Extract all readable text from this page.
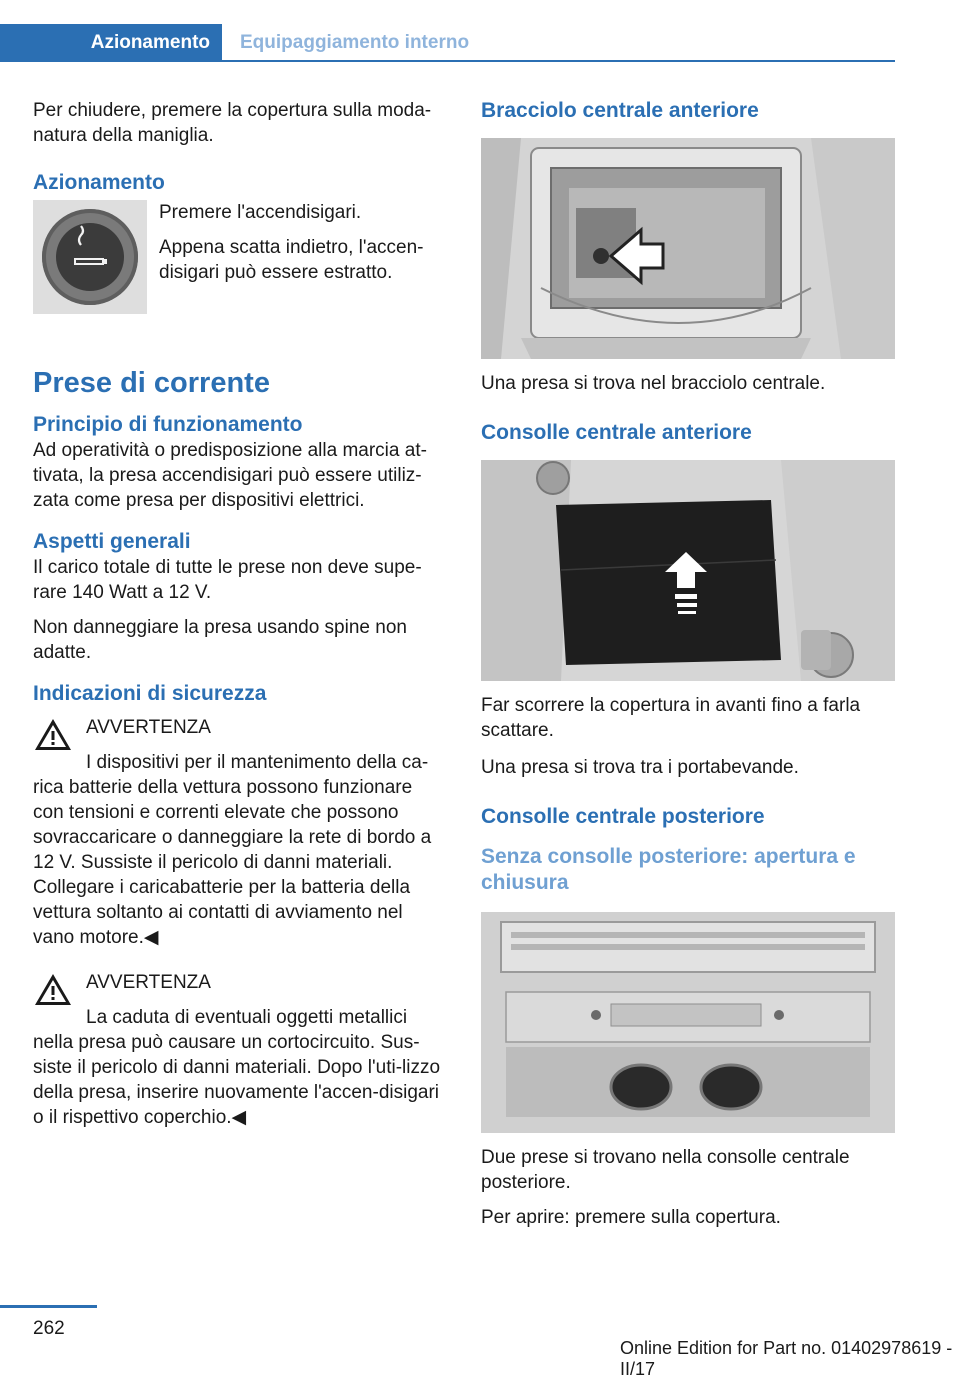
Azionamento	Equipaggiamento interno

Per chiudere, premere la copertura sulla moda-natura della maniglia.

Azionamento

Premere l'accendisigari.

Appena scatta indietro, l'accen-disigari può essere estratto.

Prese di corrente

Principio di funzionamento

Ad operatività o predisposizione alla marcia at-tivata, la presa accendisigari può essere utiliz-zata come presa per dispositivi elettrici.

Aspetti generali

Il carico totale di tutte le prese non deve supe-rare 140 Watt a 12 V.

Non danneggiare la presa usando spine non adatte.

Indicazioni di sicurezza

AVVERTENZA

I dispositivi per il mantenimento della ca-

rica batterie della vettura possono funzionare con tensioni e correnti elevate che possono sovraccaricare o danneggiare la rete di bordo a 12 V. Sussiste il pericolo di danni materiali. Collegare i caricabatterie per la batteria della vettura soltanto ai contatti di avviamento nel vano motore.◀

AVVERTENZA

La caduta di eventuali oggetti metallici

nella presa può causare un cortocircuito. Sus-siste il pericolo di danni materiali. Dopo l'uti-lizzo della presa, inserire nuovamente l'accen-disigari o il rispettivo coperchio.◀

Bracciolo centrale anteriore

Una presa si trova nel bracciolo centrale.

Consolle centrale anteriore

Far scorrere la copertura in avanti fino a farla scattare.

Una presa si trova tra i portabevande.

Consolle centrale posteriore

Senza consolle posteriore: apertura e chiusura

Due prese si trovano nella consolle centrale posteriore.

Per aprire: premere sulla copertura.

262
Online Edition for Part no. 01402978619 - II/17
